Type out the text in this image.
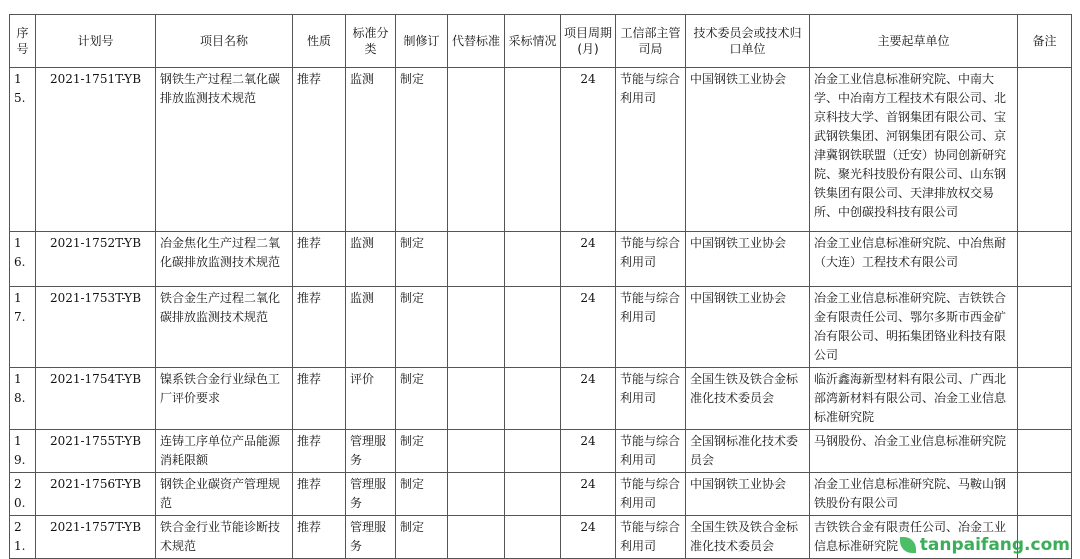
序号	计划号	项目名称	性质	标准分类	制修订	代替标准	采标情况	项目周期(月)	工信部主管司局	技术委员会或技术归口单位	主要起草单位	备注
15.	2021-1751T-YB	钢铁生产过程二氧化碳排放监测技术规范	推荐	监测	制定			24	节能与综合利用司	中国钢铁工业协会	冶金工业信息标准研究院、中南大学、中冶南方工程技术有限公司、北京科技大学、首钢集团有限公司、宝武钢铁集团、河钢集团有限公司、京津冀钢铁联盟（迁安）协同创新研究院、聚光科技股份有限公司、山东钢铁集团有限公司、天津排放权交易所、中创碳投科技有限公司	
16.	2021-1752T-YB	冶金焦化生产过程二氧化碳排放监测技术规范	推荐	监测	制定			24	节能与综合利用司	中国钢铁工业协会	冶金工业信息标准研究院、中冶焦耐（大连）工程技术有限公司	
17.	2021-1753T-YB	铁合金生产过程二氧化碳排放监测技术规范	推荐	监测	制定			24	节能与综合利用司	中国钢铁工业协会	冶金工业信息标准研究院、吉铁铁合金有限责任公司、鄂尔多斯市西金矿冶有限公司、明拓集团铬业科技有限公司	
18.	2021-1754T-YB	镍系铁合金行业绿色工厂评价要求	推荐	评价	制定			24	节能与综合利用司	全国生铁及铁合金标准化技术委员会	临沂鑫海新型材料有限公司、广西北部湾新材料有限公司、冶金工业信息标准研究院	
19.	2021-1755T-YB	连铸工序单位产品能源消耗限额	推荐	管理服务	制定			24	节能与综合利用司	全国钢标准化技术委员会	马钢股份、冶金工业信息标准研究院	
20.	2021-1756T-YB	钢铁企业碳资产管理规范	推荐	管理服务	制定			24	节能与综合利用司	中国钢铁工业协会	冶金工业信息标准研究院、马鞍山钢铁股份有限公司	
21.	2021-1757T-YB	铁合金行业节能诊断技术规范	推荐	管理服务	制定			24	节能与综合利用司	全国生铁及铁合金标准化技术委员会	吉铁铁合金有限责任公司、冶金工业信息标准研究院	tanpaifang.com
